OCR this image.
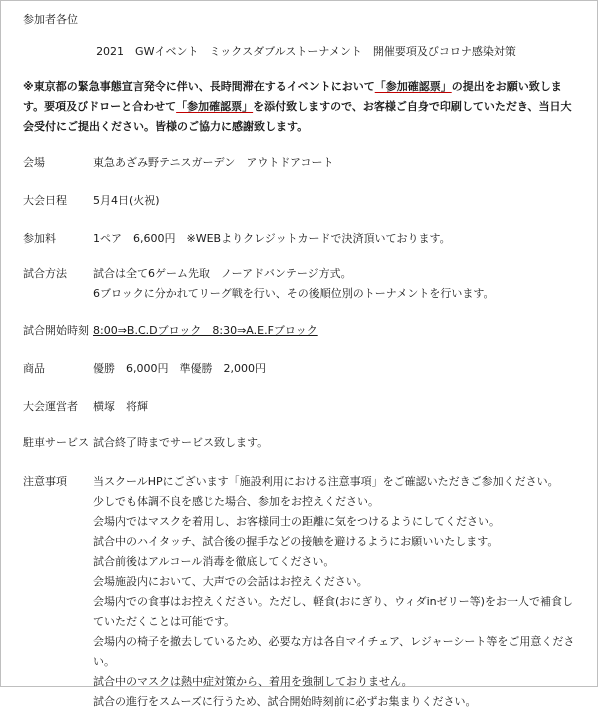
参加者各位
2021　GWイベント　ミックスダブルストーナメント　開催要項及びコロナ感染対策
※東京都の緊急事態宣言発令に伴い、長時間滞在するイベントにおいて「参加確認票」の提出をお願い致します。要項及びドローと合わせて「参加確認票」を添付致しますので、お客様ご自身で印刷していただき、当日大会受付にご提出ください。皆様のご協力に感謝致します。
会場	東急あざみ野テニスガーデン　アウトドアコート
大会日程	5月4日(火祝)
参加料	1ペア　6,600円　※WEBよりクレジットカードで決済頂いております。
試合方法	試合は全て6ゲーム先取　ノーアドバンテージ方式。
6ブロックに分かれてリーグ戦を行い、その後順位別のトーナメントを行います。
試合開始時刻 8:00⇒B.C.Dブロック　8:30⇒A.E.Fブロック
商品	優勝　6,000円　準優勝　2,000円
大会運営者	横塚　将輝
駐車サービス 試合終了時までサービス致します。
注意事項	当スクールHPにございます「施設利用における注意事項」をご確認いただきご参加ください。
少しでも体調不良を感じた場合、参加をお控えください。
会場内ではマスクを着用し、お客様同士の距離に気をつけるようにしてください。
試合中のハイタッチ、試合後の握手などの接触を避けるようにお願いいたします。
試合前後はアルコール消毒を徹底してください。
会場施設内において、大声での会話はお控えください。
会場内での食事はお控えください。ただし、軽食(おにぎり、ウィダinゼリー等)をお一人で補食していただくことは可能です。
会場内の椅子を撤去しているため、必要な方は各自マイチェア、レジャーシート等をご用意ください。
試合中のマスクは熱中症対策から、着用を強制しておりません。
試合の進行をスムーズに行うため、試合開始時刻前に必ずお集まりください。
